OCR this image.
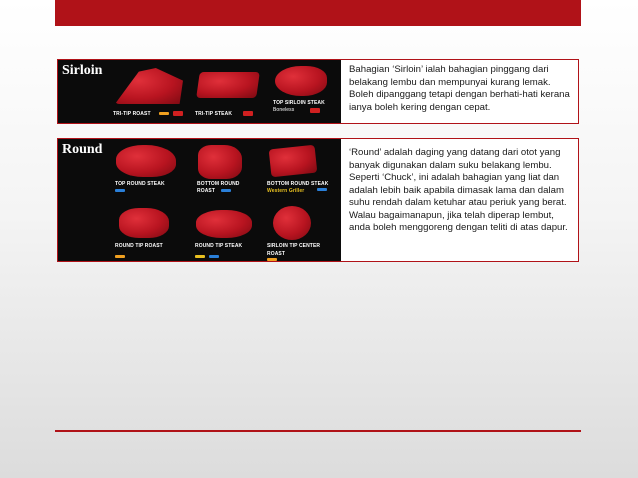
Sirloin
TRI-TIP ROAST	TRI-TIP STEAK
TOP SIRLOIN STEAK
Boneless

Bahagian ‘Sirloin’ ialah bahagian pinggang dari belakang lembu dan mempunyai kurang lemak. Boleh dipanggang tetapi dengan berhati-hati kerana ianya boleh kering dengan cepat.

Round
TOP ROUND STEAK	BOTTOM ROUND
ROAST
BOTTOM ROUND STEAK
Western Griller
ROUND TIP ROAST	ROUND TIP STEAK	SIRLOIN TIP CENTER
ROAST

‘Round’ adalah daging yang datang dari otot yang banyak digunakan dalam suku belakang lembu. Seperti ‘Chuck’, ini adalah bahagian yang liat dan adalah lebih baik apabila dimasak lama dan dalam suhu rendah dalam ketuhar atau periuk yang berat. Walau bagaimanapun, jika telah diperap lembut, anda boleh menggoreng dengan teliti di atas dapur.
